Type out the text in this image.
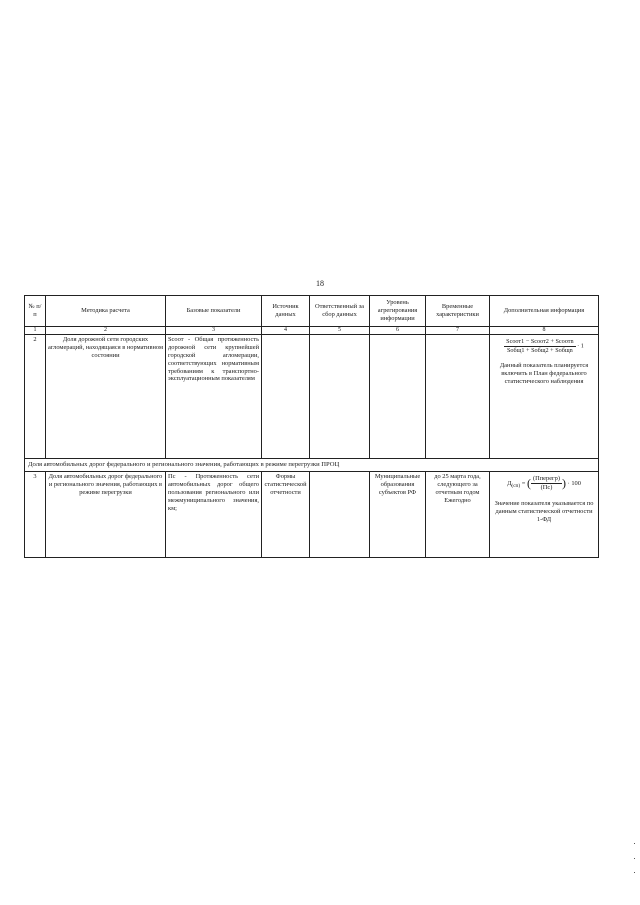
18
№ п/п	Методика расчета	Базовые показатели	Источник данных	Ответственный за сбор данных	Уровень агрегирования информации	Временные характеристики	Дополнительная информация
1	2	3	4	5	6	7	8
2	Доля дорожной сети городских агломераций, находящаяся в нормативном состоянии	Sсоот - Общая протяженность дорожной сети крупнейшей городской агломерации, соответствующих нормативным требованиям к транспортно-эксплуатационным показателям					$\frac{\text{Sсоот1 − Sсоот2 + Sсоотn}}{\text{Sобщ1 + Sобщ2 + Sобщn}} \cdot 1$
Данный показатель планируется включить в План федерального статистического наблюдения

Доля автомобильных дорог федерального и регионального значения, работающих в режиме перегрузки ПРОЦ							
3	Доля автомобильных дорог федерального и регионального значения, работающих в режиме перегрузки	Пс - Протяженность сети автомобильных дорог общего пользования регионального или межмуниципального значения, км;	Формы статистической отчетности		Муниципальные образования субъектов РФ	до 25 марта года, следующего за отчетным годом Ежегодно	$Д_{(сп)}$ = ( $\frac{\text{(Пперегр)}}{(Пс)}$ ) · 100
Значение показателя указывается по данным статистической отчетности 1-ФД
